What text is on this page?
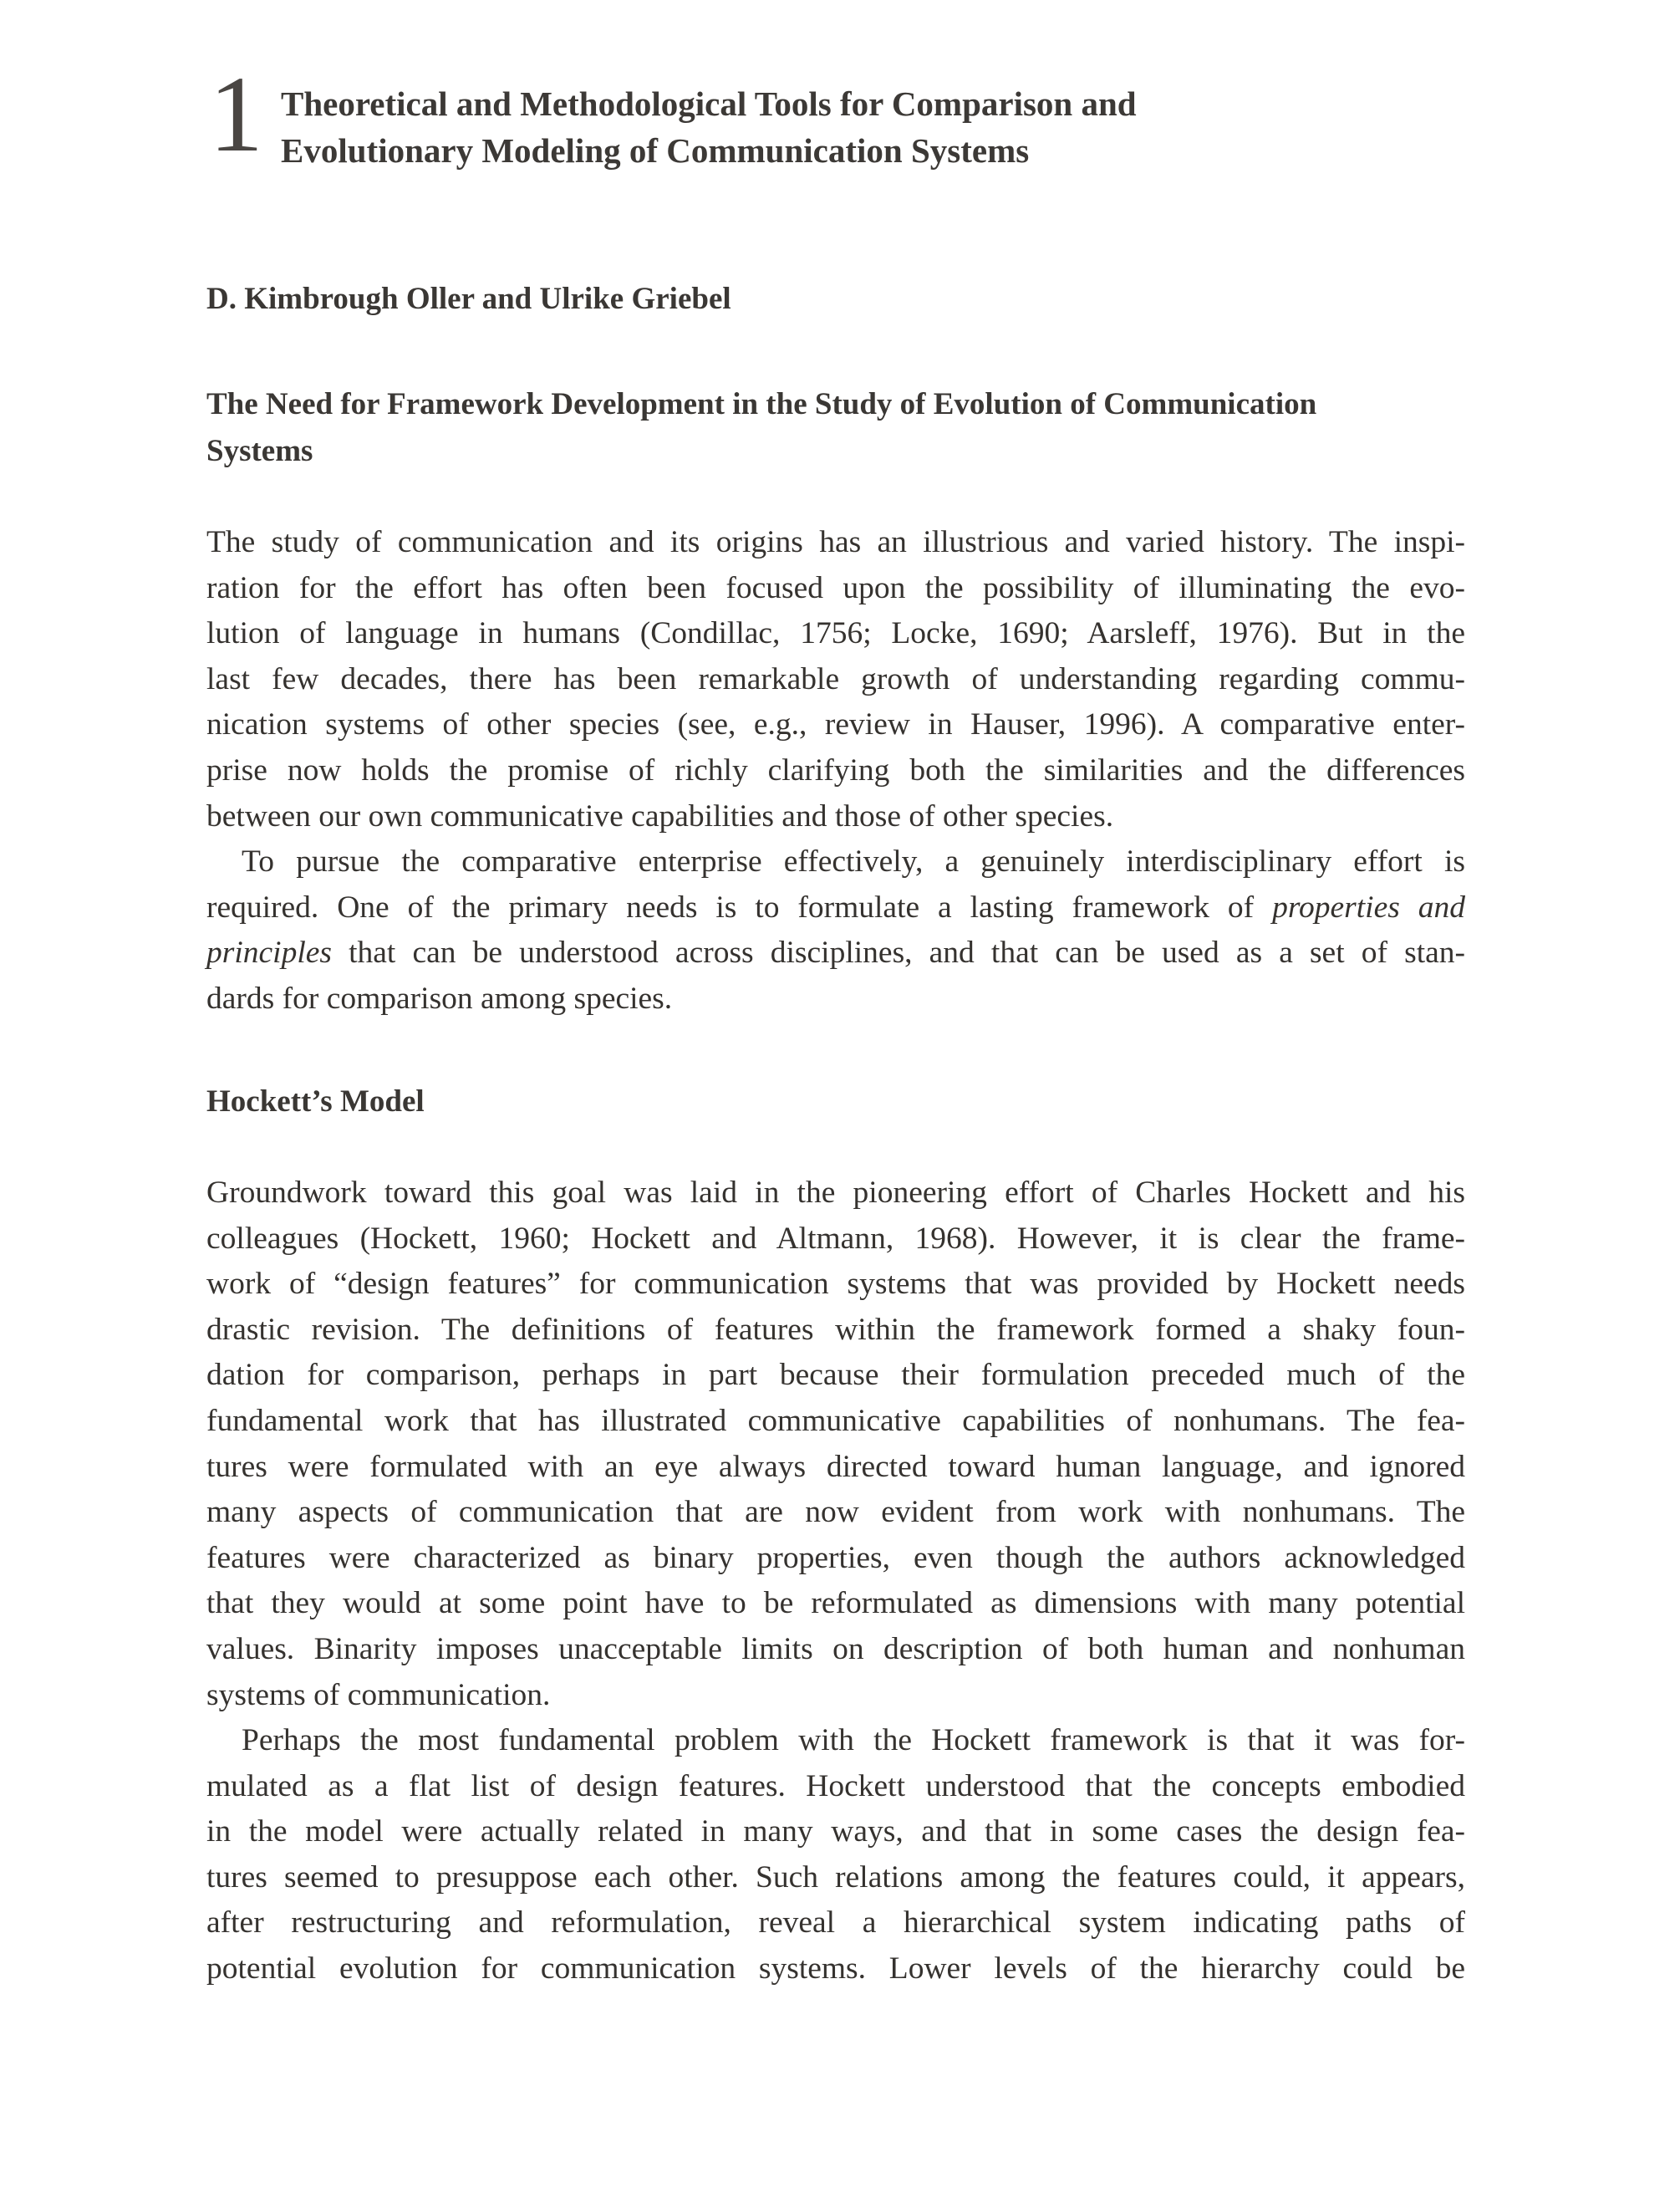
1 Theoretical and Methodological Tools for Comparison and
Evolutionary Modeling of Communication Systems
D. Kimbrough Oller and Ulrike Griebel
The Need for Framework Development in the Study of Evolution of Communication
Systems
The study of communication and its origins has an illustrious and varied history. The inspi-
ration for the effort has often been focused upon the possibility of illuminating the evo-
lution of language in humans (Condillac, 1756; Locke, 1690; Aarsleff, 1976). But in the
last few decades, there has been remarkable growth of understanding regarding commu-
nication systems of other species (see, e.g., review in Hauser, 1996). A comparative enter-
prise now holds the promise of richly clarifying both the similarities and the differences
between our own communicative capabilities and those of other species.
To pursue the comparative enterprise effectively, a genuinely interdisciplinary effort is
required. One of the primary needs is to formulate a lasting framework of properties and
principles that can be understood across disciplines, and that can be used as a set of stan-
dards for comparison among species.
Hockett’s Model
Groundwork toward this goal was laid in the pioneering effort of Charles Hockett and his
colleagues (Hockett, 1960; Hockett and Altmann, 1968). However, it is clear the frame-
work of “design features” for communication systems that was provided by Hockett needs
drastic revision. The definitions of features within the framework formed a shaky foun-
dation for comparison, perhaps in part because their formulation preceded much of the
fundamental work that has illustrated communicative capabilities of nonhumans. The fea-
tures were formulated with an eye always directed toward human language, and ignored
many aspects of communication that are now evident from work with nonhumans. The
features were characterized as binary properties, even though the authors acknowledged
that they would at some point have to be reformulated as dimensions with many potential
values. Binarity imposes unacceptable limits on description of both human and nonhuman
systems of communication.
Perhaps the most fundamental problem with the Hockett framework is that it was for-
mulated as a flat list of design features. Hockett understood that the concepts embodied
in the model were actually related in many ways, and that in some cases the design fea-
tures seemed to presuppose each other. Such relations among the features could, it appears,
after restructuring and reformulation, reveal a hierarchical system indicating paths of
potential evolution for communication systems. Lower levels of the hierarchy could be
